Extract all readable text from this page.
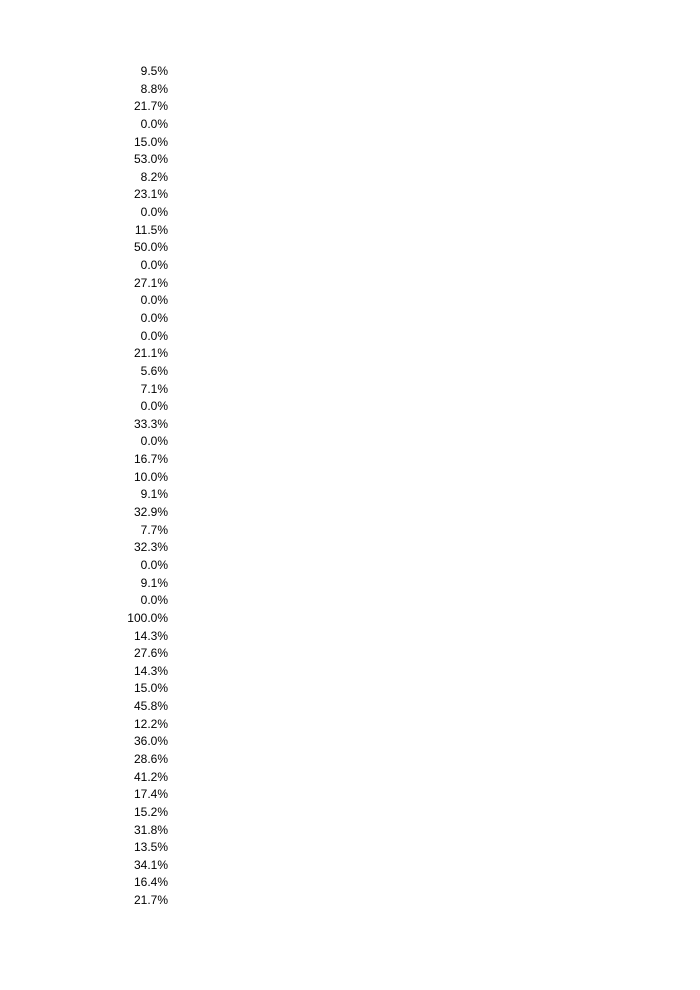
9.5%
8.8%
21.7%
0.0%
15.0%
53.0%
8.2%
23.1%
0.0%
11.5%
50.0%
0.0%
27.1%
0.0%
0.0%
0.0%
21.1%
5.6%
7.1%
0.0%
33.3%
0.0%
16.7%
10.0%
9.1%
32.9%
7.7%
32.3%
0.0%
9.1%
0.0%
100.0%
14.3%
27.6%
14.3%
15.0%
45.8%
12.2%
36.0%
28.6%
41.2%
17.4%
15.2%
31.8%
13.5%
34.1%
16.4%
21.7%
